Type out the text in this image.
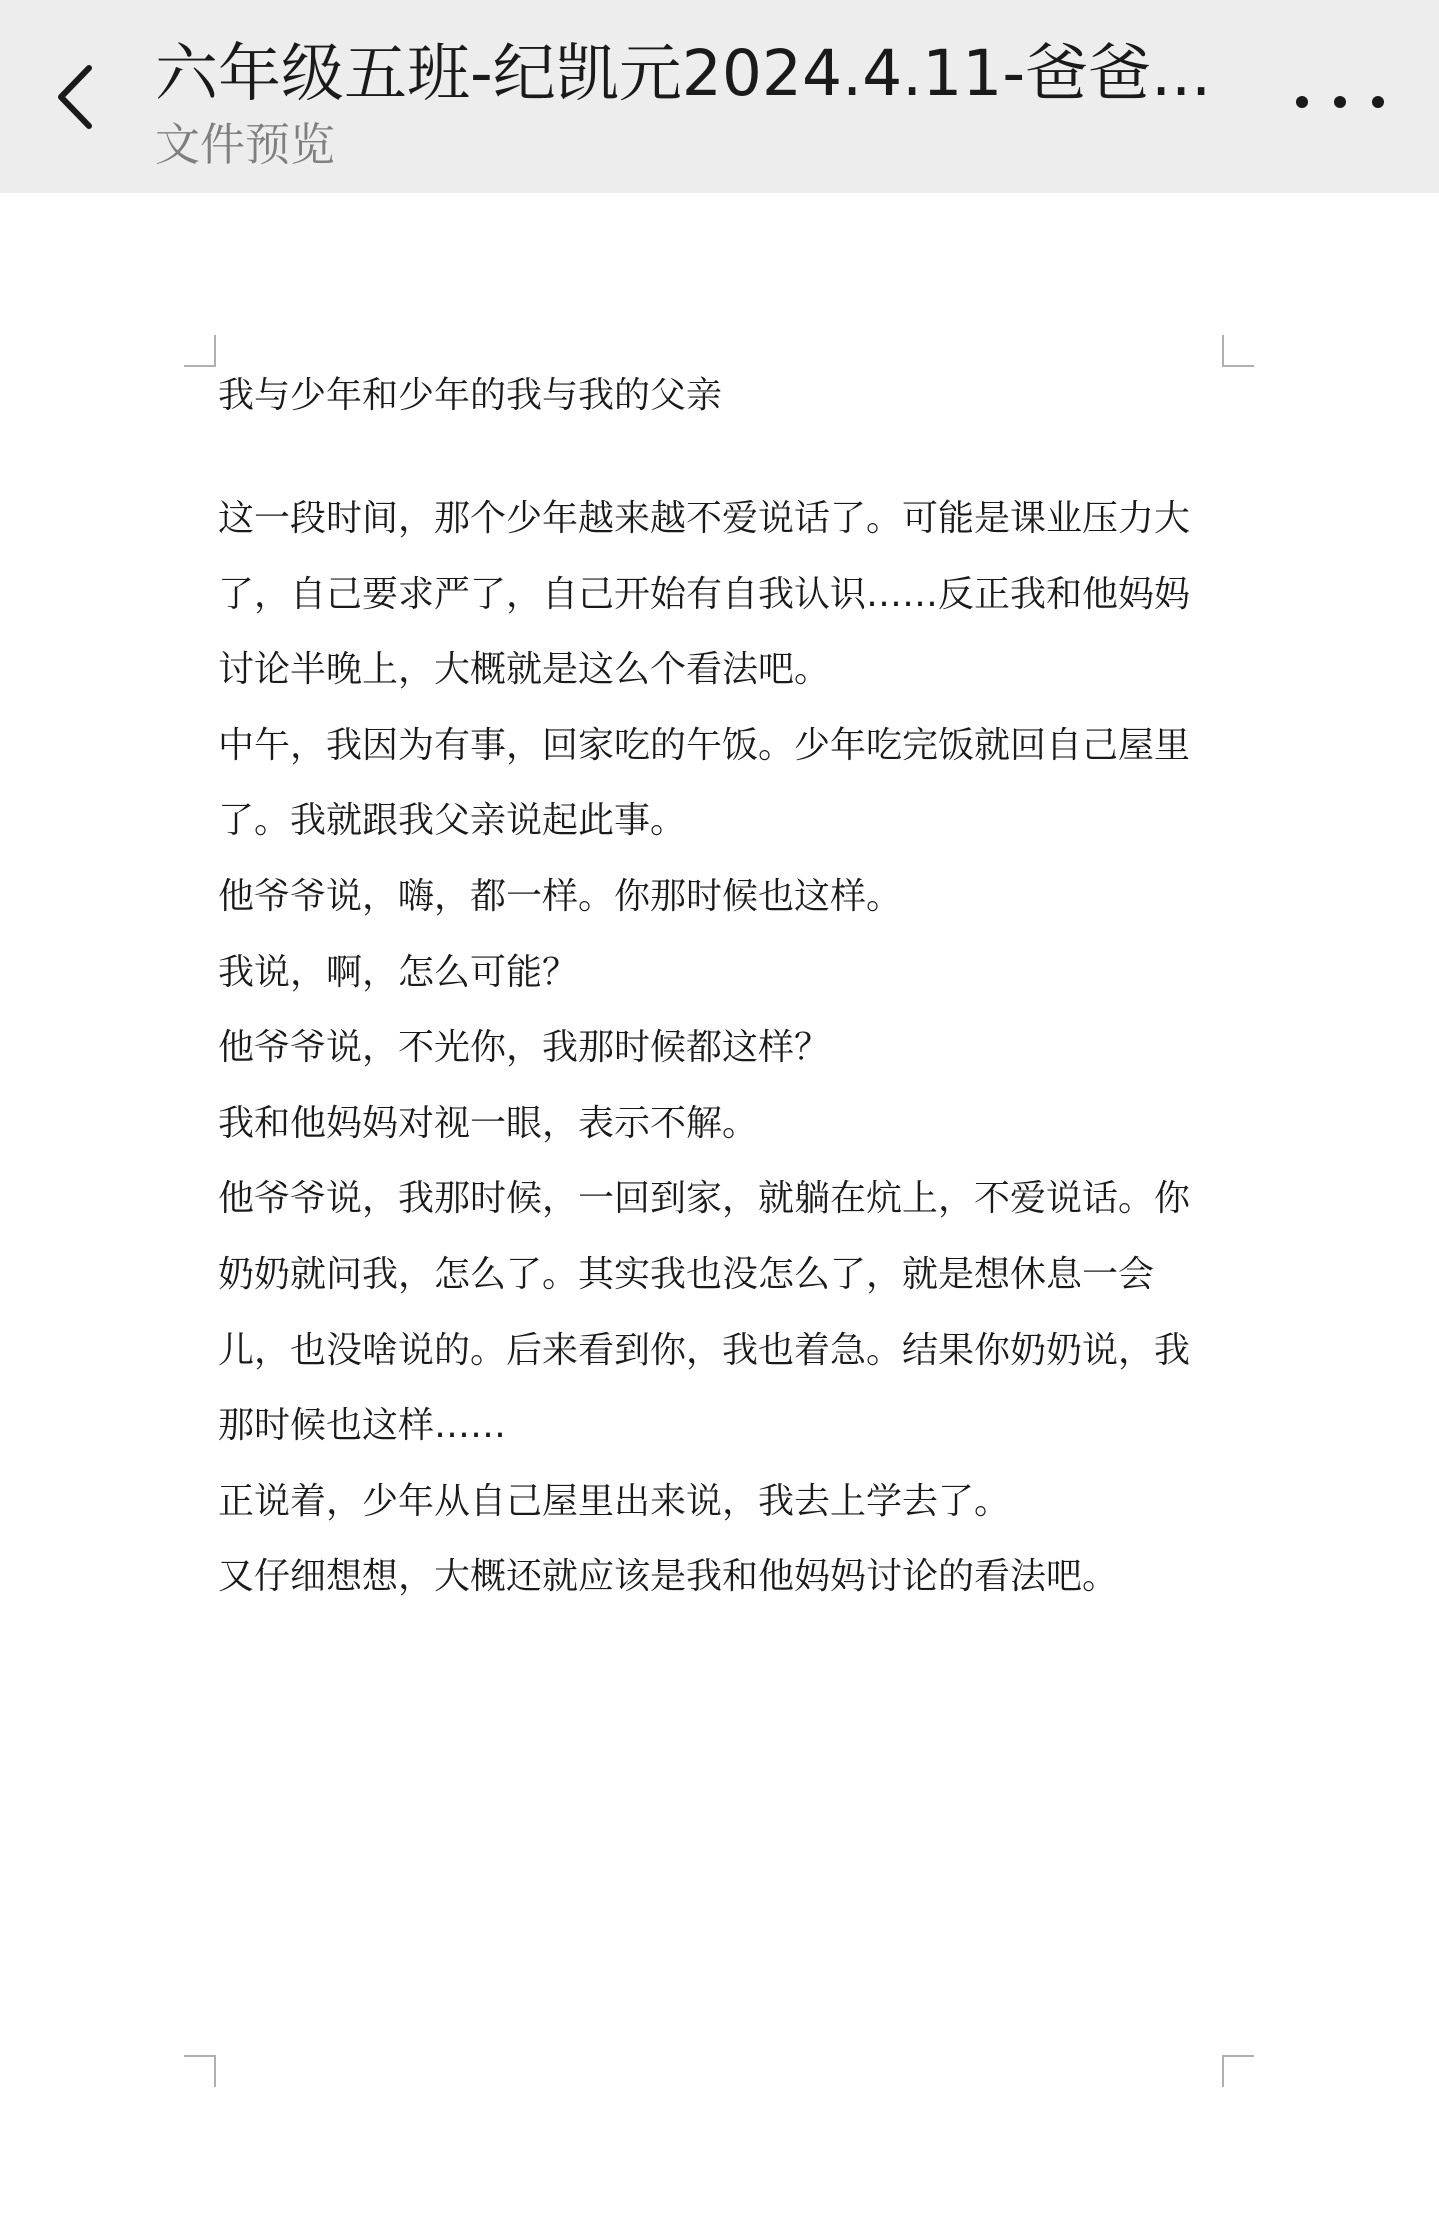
六年级五班-纪凯元2024.4.11-爸爸...
文件预览
我与少年和少年的我与我的父亲
这一段时间，那个少年越来越不爱说话了。可能是课业压力大了，自己要求严了，自己开始有自我认识……反正我和他妈妈讨论半晚上，大概就是这么个看法吧。
中午，我因为有事，回家吃的午饭。少年吃完饭就回自己屋里了。我就跟我父亲说起此事。
他爷爷说，嗨，都一样。你那时候也这样。
我说，啊，怎么可能？
他爷爷说，不光你，我那时候都这样？
我和他妈妈对视一眼，表示不解。
他爷爷说，我那时候，一回到家，就躺在炕上，不爱说话。你奶奶就问我，怎么了。其实我也没怎么了，就是想休息一会儿，也没啥说的。后来看到你，我也着急。结果你奶奶说，我那时候也这样……
正说着，少年从自己屋里出来说，我去上学去了。
又仔细想想，大概还就应该是我和他妈妈讨论的看法吧。
